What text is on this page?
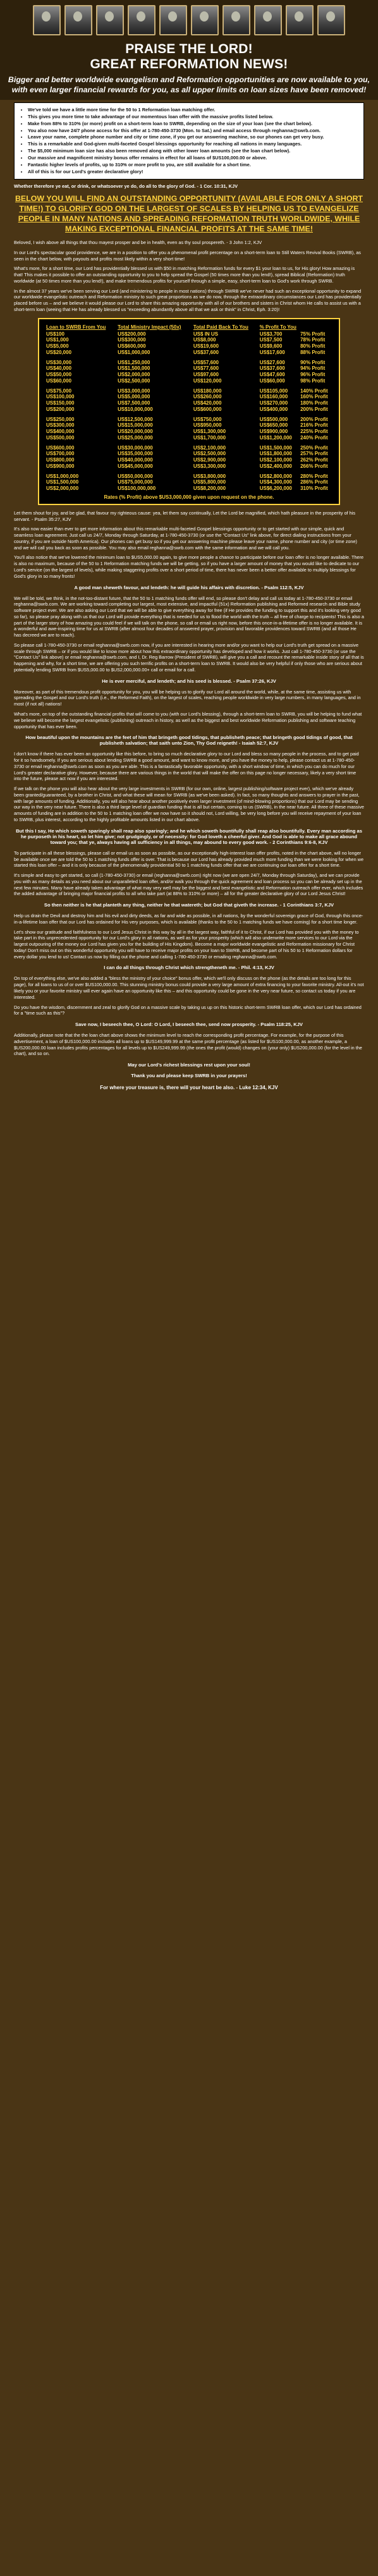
PRAISE THE LORD!
GREAT REFORMATION NEWS!

Bigger and better worldwide evangelism and Reformation opportunities are now available to you, with even larger financial rewards for you, as all upper limits on loan sizes have been removed!

• We've told we have a little more time for the 50 to 1 Reformation loan matching offer.
• This gives you more time to take advantage of our momentous loan offer with the massive profits listed below.
• Make from 88% to 310% (or more) profit on a short-term loan to SWRB, depending on the size of your loan (see the chart below).
• You also now have 24/7 phone access for this offer at 1-780-450-3730 (Mon. to Sat.) and email access through reghanna@swrb.com.
• Leave your name, complete phone number and city or time zone, if you get our answering machine, so our phones can get very busy.
• This is a remarkable and God-given multi-faceted Gospel blessings opportunity for reaching all nations in many languages.
• The $5,000 minimum loan size has also been removed along with other lower loan amounts (see the loan chart below).
• Our massive and magnificent ministry bonus offer remains in effect for all loans of $US100,000.00 or above.
• Fantastic higher levels of profits, up to 310% or more profit to you, are still available for a short time.
• All of this is for our Lord's greater declarative glory!
Whether therefore ye eat, or drink, or whatsoever ye do, do all to the glory of God. - 1 Cor. 10:31, KJV
BELOW YOU WILL FIND AN OUTSTANDING OPPORTUNITY (AVAILABLE FOR ONLY A SHORT TIME!) TO GLORIFY GOD ON THE LARGEST OF SCALES BY HELPING US TO EVANGELIZE PEOPLE IN MANY NATIONS AND SPREADING REFORMATION TRUTH WORLDWIDE, WHILE MAKING EXCEPTIONAL FINANCIAL PROFITS AT THE SAME TIME!
Beloved, I wish above all things that thou mayest prosper and be in health, even as thy soul prospereth. - 3 John 1:2, KJV
In our Lord's spectacular good providence, we are in a position to offer you a phenomenal profit percentage on a short-term loan to Still Waters Revival Books (SWRB), as seen in the chart below, with payouts and profits most likely within a very short time!
What's more, for a short time, our Lord has providentially blessed us with $50 in matching Reformation funds for every $1 your loan to us, for His glory! How amazing is that! This makes it possible to offer an outstanding opportunity to you to help spread the Gospel (50 times more than you lend!), spread Biblical (Reformation) truth worldwide (at 50 times more than you lend!), and make tremendous profits for yourself through a simple, easy, short-term loan to God's work through SWRB.
In the almost 37 years we've been serving our Lord (and ministering to people in most nations) through SWRB we've never had such an exceptional opportunity to expand our worldwide evangelistic outreach and Reformation ministry to such great proportions as we do now, through the extraordinary circumstances our Lord has providentially placed before us – and we believe it would please our Lord to share this amazing opportunity with all of our brothers and sisters in Christ whom He calls to assist us with a short-term loan (seeing that He has already blessed us "exceeding abundantly above all that we ask or think" in Christ, Eph. 3:20)!
Loan to SWRB From You	Total Ministry Impact (50x)	Total Paid Back To You	% Profit To You	
US$100	US$200,000	US$ IN US	US$3,700	75% Profit
US$1,000	US$300,000	US$8,000	US$7,500	78% Profit
US$5,000	US$600,000	US$19,600	US$9,600	80% Profit
US$20,000	US$1,000,000	US$37,600	US$17,600	88% Profit

US$30,000	US$1,250,000	US$57,600	US$27,600	90% Profit
US$40,000	US$1,500,000	US$77,600	US$37,600	94% Profit
US$50,000	US$2,000,000	US$97,600	US$47,600	96% Profit
US$60,000	US$2,500,000	US$120,000	US$60,000	98% Profit

US$75,000	US$3,000,000	US$180,000	US$105,000	140% Profit
US$100,000	US$5,000,000	US$260,000	US$160,000	160% Profit
US$150,000	US$7,500,000	US$420,000	US$270,000	180% Profit
US$200,000	US$10,000,000	US$600,000	US$400,000	200% Profit

US$250,000	US$12,500,000	US$750,000	US$500,000	200% Profit
US$300,000	US$15,000,000	US$950,000	US$650,000	216% Profit
US$400,000	US$20,000,000	US$1,300,000	US$900,000	225% Profit
US$500,000	US$25,000,000	US$1,700,000	US$1,200,000	240% Profit

US$600,000	US$30,000,000	US$2,100,000	US$1,500,000	250% Profit
US$700,000	US$35,000,000	US$2,500,000	US$1,800,000	257% Profit
US$800,000	US$40,000,000	US$2,900,000	US$2,100,000	262% Profit
US$900,000	US$45,000,000	US$3,300,000	US$2,400,000	266% Profit

US$1,000,000	US$50,000,000	US$3,800,000	US$2,800,000	280% Profit
US$1,500,000	US$75,000,000	US$5,800,000	US$4,300,000	286% Profit
US$2,000,000	US$100,000,000	US$8,200,000	US$6,200,000	310% Profit
Rates (% Profit) above $US3,000,000 given upon request on the phone.
Let them shout for joy, and be glad, that favour my righteous cause: yea, let them say continually, Let the Lord be magnified, which hath pleasure in the prosperity of his servant. - Psalm 35:27, KJV
It's also now easier than ever to get more information about this remarkable multi-faceted Gospel blessings opportunity or to get started with our simple, quick and seamless loan agreement. Just call us 24/7, Monday through Saturday, at 1-780-450-3730 (or use the "Contact Us" link above, for direct dialing instructions from your country, if you are outside North America). Our phones can get busy so if you get our answering machine please leave your name, phone number and city (or time zone) and we will call you back as soon as possible. You may also email reghanna@swrb.com with the same information and we will call you.
You'll also notice that we've lowered the minimum loan to $US5,000.00 again, to give more people a chance to participate before our loan offer is no longer available. There is also no maximum, because of the 50 to 1 Reformation matching funds we will be getting, so if you have a larger amount of money that you would like to dedicate to our Lord's service (on the largest of levels), while making staggering profits over a short period of time, there has never been a better offer available to multiply blessings for God's glory in so many fronts!
A good man sheweth favour, and lendeth: he will guide his affairs with discretion. - Psalm 112:5, KJV
We will be told, we think, in the not-too-distant future, that the 50 to 1 matching funds offer will end, so please don't delay and call us today at 1-780-450-3730 or email reghanna@swrb.com. We are working toward completing our largest, most extensive, and impactful (51x) Reformation publishing and Reformed research and Bible study software project ever. We are also asking our Lord that we will be able to give everything away for free (if He provides the funding to support this and it's looking very good so far), so please pray along with us that our Lord will provide everything that is needed for us to flood the world with the truth – all free of charge to recipients! This is also a part of the larger story of how amazing you could feel if we will talk on the phone, so call or email us right now, before this once-in-a-lifetime offer is no longer available. It is a wonderful and awe-inspiring time for us at SWRB (after almost four decades of answered prayer, provision and favorable providences toward SWRB (and all those He has decreed we are to reach).
So please call 1-780-450-3730 or email reghanna@swrb.com now, if you are interested in hearing more and/or you want to help our Lord's truth get spread on a massive scale through SWRB – or if you would like to know more about how this extraordinary opportunity has developed and how it works. Just call 1-780-450-3730 (or use the "Contact Us" link above) or email reghanna@swrb.com, and I, Dr. Reg Barrow (President of SWRB), will give you a call and recount the remarkable inside story of all that is happening and why, for a short time, we are offering you such terrific profits on a short-term loan to SWRB. It would also be very helpful if only those who are serious about potentially lending SWRB from $US5,000.00 to $US2,000,000.00+ call or email for a call.
He is ever merciful, and lendeth; and his seed is blessed. - Psalm 37:26, KJV
Moreover, as part of this tremendous profit opportunity for you, you will be helping us to glorify our Lord all around the world, while, at the same time, assisting us with spreading the Gospel and our Lord's truth (i.e., the Reformed Faith), on the largest of scales, reaching people worldwide in very large numbers, in many languages, and in most (if not all) nations!
What's more, on top of the outstanding financial profits that will come to you (with our Lord's blessing), through a short-term loan to SWRB, you will be helping to fund what we believe will become the largest evangelistic (publishing) outreach in history, as well as the biggest and best worldwide Reformation publishing and software teaching opportunity that has ever been.
How beautiful upon the mountains are the feet of him that bringeth good tidings, that publisheth peace; that bringeth good tidings of good, that publisheth salvation; that saith unto Zion, Thy God reigneth! - Isaiah 52:7, KJV
I don't know if there has ever been an opportunity like this before, to bring so much declarative glory to our Lord and bless so many people in the process, and to get paid for it so handsomely. If you are serious about lending SWRB a good amount, and want to know more, and you have the money to help, please contact us at 1-780-450-3730 or email reghanna@swrb.com as soon as you are able. This is a fantastically favorable opportunity, with a short window of time, in which you can do much for our Lord's greater declarative glory. However, because there are various things in the world that will make the offer on this page no longer necessary, likely a very short time into the future, please act now if you are interested.
If we talk on the phone you will also hear about the very large investments in SWRB (for our own, online, largest publishing/software project ever), which we've already been granted/guaranteed, by a brother in Christ, and what these will mean for SWRB (as we've been asked). In fact, so many thoughts and answers to prayer in the past, with large amounts of funding. Additionally, you will also hear about another positively even larger investment (of mind-blowing proportions) that our Lord may be sending our way in the very near future. There is also a third large level of guardian funding that is all but certain, coming to us (SWRB), in the near future. All three of these massive amounts of funding are in addition to the 50 to 1 matching loan offer we now have so it should not, Lord willing, be very long before you will receive repayment of your loan to SWRB, plus interest, according to the highly profitable amounts listed in our chart above.
But this I say, He which soweth sparingly shall reap also sparingly; and he which soweth bountifully shall reap also bountifully. Every man according as he purposeth in his heart, so let him give; not grudgingly, or of necessity: for God loveth a cheerful giver. And God is able to make all grace abound toward you; that ye, always having all sufficiency in all things, may abound to every good work. - 2 Corinthians 9:6-8, KJV
To participate in all these blessings, please call or email us as soon as possible, as our exceptionally high-interest loan offer profits, noted in the chart above, will no longer be available once we are told the 50 to 1 matching funds offer is over. That is because our Lord has already provided much more funding than we were looking for when we started this loan offer – and it is only because of the phenomenally providential 50 to 1 matching funds offer that we are continuing our loan offer for a short time.
It's simple and easy to get started, so call (1-780-450-3730) or email (reghanna@swrb.com) right now (we are open 24/7, Monday through Saturday), and we can provide you with as many details as you need about our unparalleled loan offer, and/or walk you through the quick agreement and loan process so you can be already set up in the next few minutes. Many have already taken advantage of what may very well may be the biggest and best evangelistic and Reformation outreach offer ever, which includes the added advantage of bringing major financial profits to all who take part (at 88% to 310% or more) – all for the greater declarative glory of our Lord Jesus Christ!
So then neither is he that planteth any thing, neither he that watereth; but God that giveth the increase. - 1 Corinthians 3:7, KJV
Help us drain the Devil and destroy him and his evil and dirty deeds, as far and wide as possible, in all nations, by the wonderful sovereign grace of God, through this once-in-a-lifetime loan offer that our Lord has ordained for His very purposes, which is available (thanks to the 50 to 1 matching funds we have coming) for a short time longer.
Let's show our gratitude and faithfulness to our Lord Jesus Christ in this way by all in the largest way, faithful of it to Christ, if our Lord has provided you with the money to take part in this unprecedented opportunity for our Lord's glory in all nations, as well as for your prosperity (which will also underwrite more services to our Lord via the largest outpouring of the money our Lord has given you for the building of His Kingdom). Become a major worldwide evangelistic and Reformation missionary for Christ today! Don't miss out on this wonderful opportunity you will have to receive major profits on your loan to SWRB, and become part of his 50 to 1 Reformation dollars for every dollar you lend to us! Contact us now by filling out the phone and calling 1-780-450-3730 or emailing reghanna@swrb.com.
I can do all things through Christ which strengtheneth me. - Phil. 4:13, KJV
On top of everything else, we've also added a "bless the ministry of your choice" bonus offer, which we'll only discuss on the phone (as the details are too long for this page), for all loans to us of or over $US100,000.00. This stunning ministry bonus could provide a very large amount of extra financing to your favorite ministry. All-out it's not likely you or your favorite ministry will ever again have an opportunity like this – and this opportunity could be gone in the very near future, so contact us today if you are interested.
Do you have the wisdom, discernment and zeal to glorify God on a massive scale by taking us up on this historic short-term SWRB loan offer, which our Lord has ordained for a "time such as this"?
Save now, I beseech thee, O Lord: O Lord, I beseech thee, send now prosperity. - Psalm 118:25, KJV
Additionally, please note that the the loan chart above shows the minimum level to reach the corresponding profit percentage. For example, for the purpose of this advertisement, a loan of $US100,000.00 includes all loans up to $US149,999.99 at the same profit percentage (as listed for $US100,000.00, as another example, a $US200,000.00 loan includes profits percentages for all levels up to $US249,999.99 (the ones the profit (would) changes on (your only) $US200,000.00 (for the level in the chart), and so on.
May our Lord's richest blessings rest upon your soul!
Thank you and please keep SWRB in your prayers!
For where your treasure is, there will your heart be also. - Luke 12:34, KJV
